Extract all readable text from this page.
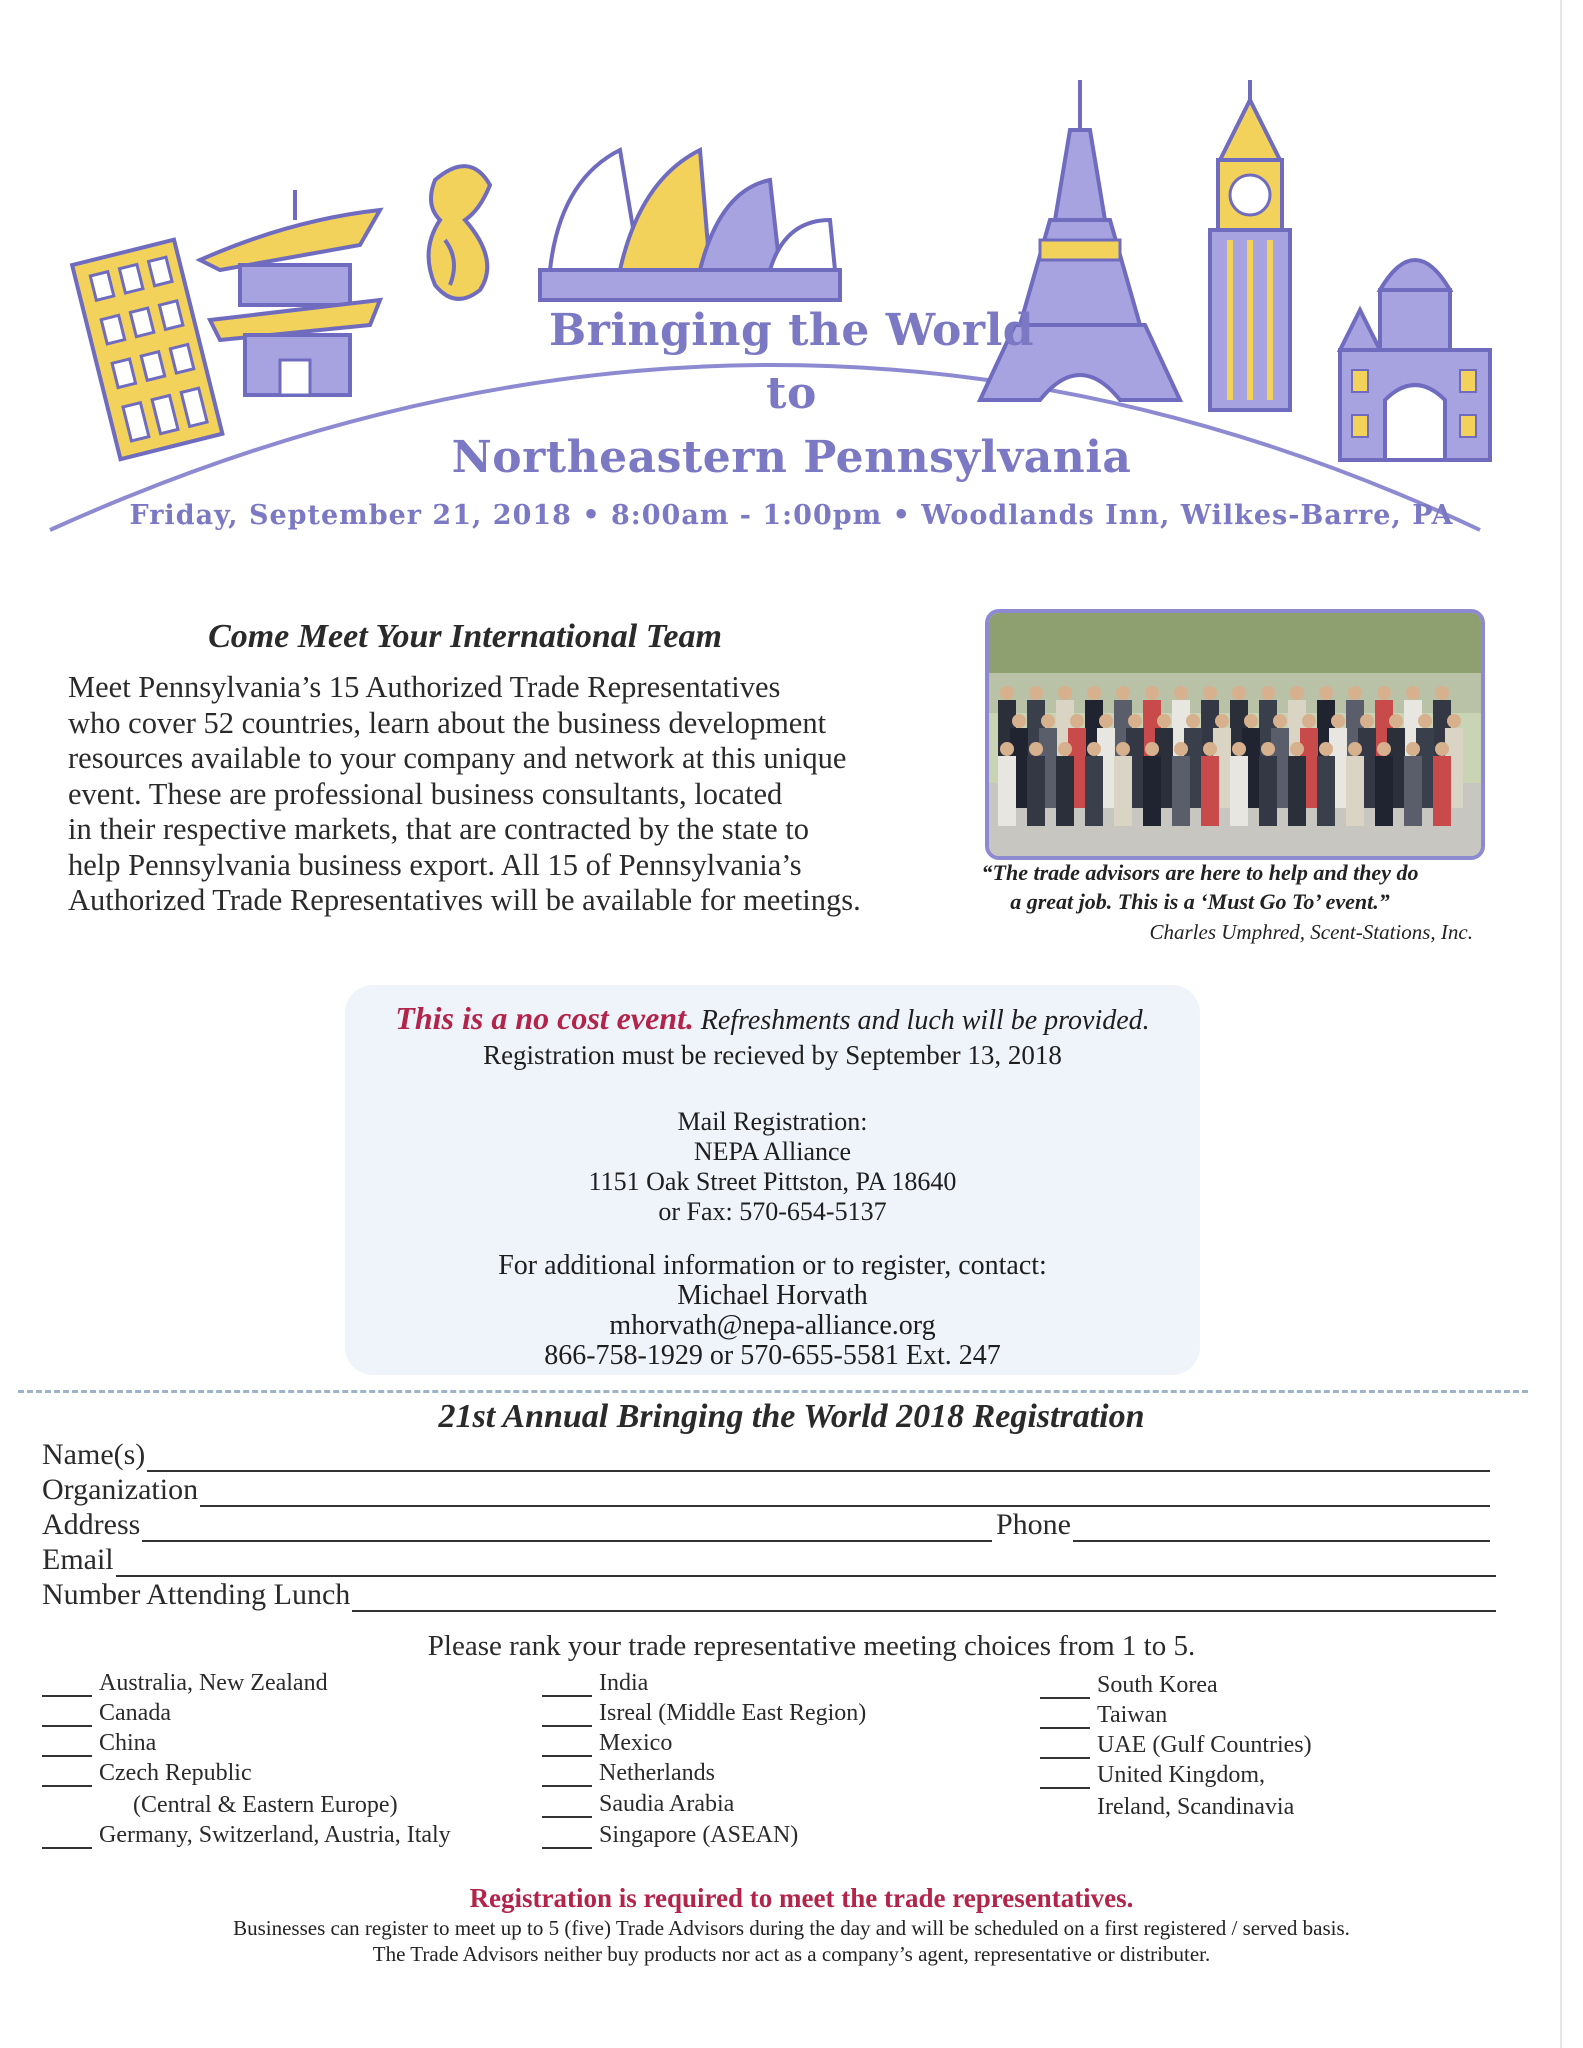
Bringing the World
to
Northeastern Pennsylvania
Friday, September 21, 2018 • 8:00am - 1:00pm • Woodlands Inn, Wilkes-Barre, PA
Come Meet Your International Team
Meet Pennsylvania’s 15 Authorized Trade Representatives
who cover 52 countries, learn about the business development
resources available to your company and network at this unique
event. These are professional business consultants, located
in their respective markets, that are contracted by the state to
help Pennsylvania business export. All 15 of Pennsylvania’s
Authorized Trade Representatives will be available for meetings.
“The trade advisors are here to help and they do
a great job. This is a ‘Must Go To’ event.”
Charles Umphred, Scent-Stations, Inc.
This is a no cost event. Refreshments and luch will be provided.
Registration must be recieved by September 13, 2018
Mail Registration:
NEPA Alliance
1151 Oak Street Pittston, PA 18640
or Fax: 570-654-5137
For additional information or to register, contact:
Michael Horvath
mhorvath@nepa-alliance.org
866-758-1929 or 570-655-5581 Ext. 247
21st Annual Bringing the World 2018 Registration
Name(s)
Organization
Address	Phone
Email
Number Attending Lunch
Please rank your trade representative meeting choices from 1 to 5.
Australia, New Zealand
Canada
China
Czech Republic
(Central & Eastern Europe)
Germany, Switzerland, Austria, Italy
India
Isreal (Middle East Region)
Mexico
Netherlands
Saudia Arabia
Singapore (ASEAN)
South Korea
Taiwan
UAE (Gulf Countries)
United Kingdom,
Ireland, Scandinavia
Registration is required to meet the trade representatives.
Businesses can register to meet up to 5 (five) Trade Advisors during the day and will be scheduled on a first registered / served basis.
The Trade Advisors neither buy products nor act as a company’s agent, representative or distributer.
